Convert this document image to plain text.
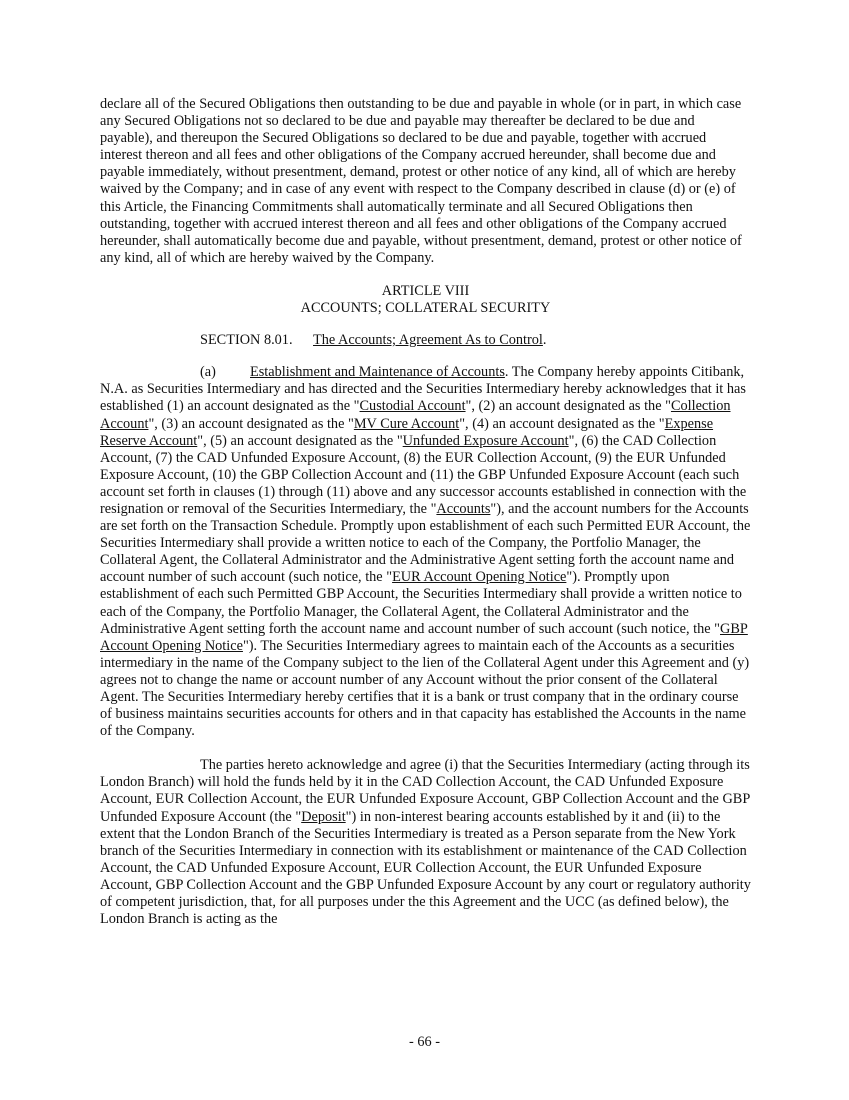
declare all of the Secured Obligations then outstanding to be due and payable in whole (or in part, in which case any Secured Obligations not so declared to be due and payable may thereafter be declared to be due and payable), and thereupon the Secured Obligations so declared to be due and payable, together with accrued interest thereon and all fees and other obligations of the Company accrued hereunder, shall become due and payable immediately, without presentment, demand, protest or other notice of any kind, all of which are hereby waived by the Company; and in case of any event with respect to the Company described in clause (d) or (e) of this Article, the Financing Commitments shall automatically terminate and all Secured Obligations then outstanding, together with accrued interest thereon and all fees and other obligations of the Company accrued hereunder, shall automatically become due and payable, without presentment, demand, protest or other notice of any kind, all of which are hereby waived by the Company.

ARTICLE VIII

ACCOUNTS; COLLATERAL SECURITY

SECTION 8.01. The Accounts; Agreement As to Control.

(a) Establishment and Maintenance of Accounts. The Company hereby appoints Citibank, N.A. as Securities Intermediary and has directed and the Securities Intermediary hereby acknowledges that it has established (1) an account designated as the "Custodial Account", (2) an account designated as the "Collection Account", (3) an account designated as the "MV Cure Account", (4) an account designated as the "Expense Reserve Account", (5) an account designated as the "Unfunded Exposure Account", (6) the CAD Collection Account, (7) the CAD Unfunded Exposure Account, (8) the EUR Collection Account, (9) the EUR Unfunded Exposure Account, (10) the GBP Collection Account and (11) the GBP Unfunded Exposure Account (each such account set forth in clauses (1) through (11) above and any successor accounts established in connection with the resignation or removal of the Securities Intermediary, the "Accounts"), and the account numbers for the Accounts are set forth on the Transaction Schedule. Promptly upon establishment of each such Permitted EUR Account, the Securities Intermediary shall provide a written notice to each of the Company, the Portfolio Manager, the Collateral Agent, the Collateral Administrator and the Administrative Agent setting forth the account name and account number of such account (such notice, the "EUR Account Opening Notice"). Promptly upon establishment of each such Permitted GBP Account, the Securities Intermediary shall provide a written notice to each of the Company, the Portfolio Manager, the Collateral Agent, the Collateral Administrator and the Administrative Agent setting forth the account name and account number of such account (such notice, the "GBP Account Opening Notice"). The Securities Intermediary agrees to maintain each of the Accounts as a securities intermediary in the name of the Company subject to the lien of the Collateral Agent under this Agreement and (y) agrees not to change the name or account number of any Account without the prior consent of the Collateral Agent. The Securities Intermediary hereby certifies that it is a bank or trust company that in the ordinary course of business maintains securities accounts for others and in that capacity has established the Accounts in the name of the Company.

The parties hereto acknowledge and agree (i) that the Securities Intermediary (acting through its London Branch) will hold the funds held by it in the CAD Collection Account, the CAD Unfunded Exposure Account, EUR Collection Account, the EUR Unfunded Exposure Account, GBP Collection Account and the GBP Unfunded Exposure Account (the "Deposit") in non-interest bearing accounts established by it and (ii) to the extent that the London Branch of the Securities Intermediary is treated as a Person separate from the New York branch of the Securities Intermediary in connection with its establishment or maintenance of the CAD Collection Account, the CAD Unfunded Exposure Account, EUR Collection Account, the EUR Unfunded Exposure Account, GBP Collection Account and the GBP Unfunded Exposure Account by any court or regulatory authority of competent jurisdiction, that, for all purposes under the this Agreement and the UCC (as defined below), the London Branch is acting as the

- 66 -
